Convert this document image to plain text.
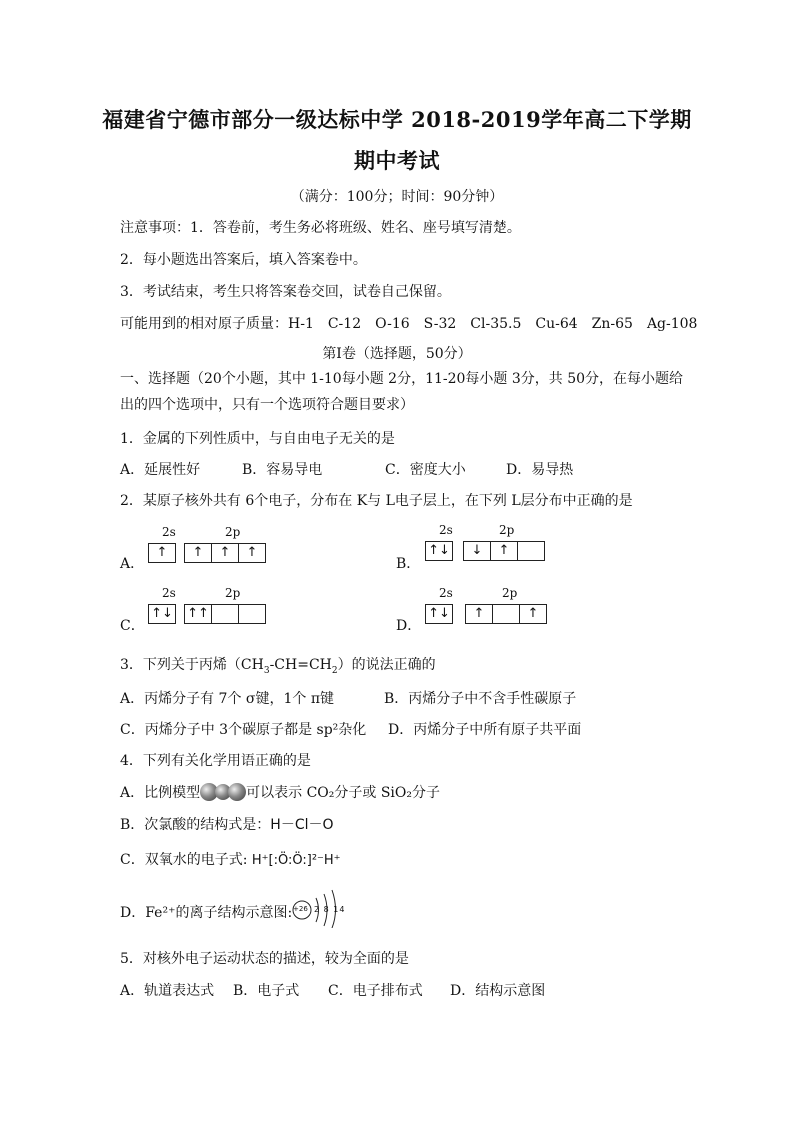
福建省宁德市部分一级达标中学 2018-2019学年高二下学期
期中考试
（满分：100分；时间：90分钟）
注意事项：1．答卷前，考生务必将班级、姓名、座号填写清楚。
2．每小题选出答案后，填入答案卷中。
3．考试结束，考生只将答案卷交回，试卷自己保留。
可能用到的相对原子质量：H-1　C-12　O-16　S-32　Cl-35.5　Cu-64　Zn-65　Ag-108
第Ⅰ卷（选择题，50分）
一、选择题（20个小题，其中 1-10每小题 2分，11-20每小题 3分，共 50分，在每小题给
出的四个选项中，只有一个选项符合题目要求）
1．金属的下列性质中，与自由电子无关的是
A．延展性好	B．容易导电	C．密度大小	D．易导热
2．某原子核外共有 6个电子，分布在 K与 L电子层上，在下列 L层分布中正确的是
A．
2s	2p
↑	↑	↑	↑
B．
2s	2p
↑↓	↓	↑
C．
2s	2p
↑↓ ↑↑
D．
2s	2p
↑↓	↑	↑
3．下列关于丙烯$(CH_3-CH=CH_2)$的说法正确的
A．丙烯分子有 7个 σ键，1个 π键	B．丙烯分子中不含手性碳原子
C．丙烯分子中 3个碳原子都是 sp²杂化 D．丙烯分子中所有原子共平面
4．下列有关化学用语正确的是
A．比例模型	可以表示 CO₂分子或 SiO₂分子
B．次氯酸的结构式是：H－Cl－O
C．双氧水的电子式: H⁺[:Ö:Ö:]²⁻H⁺
D．Fe²⁺的离子结构示意图: +26 2 8 14
5．对核外电子运动状态的描述，较为全面的是
A．轨道表达式 B．电子式 C．电子排布式 D．结构示意图
